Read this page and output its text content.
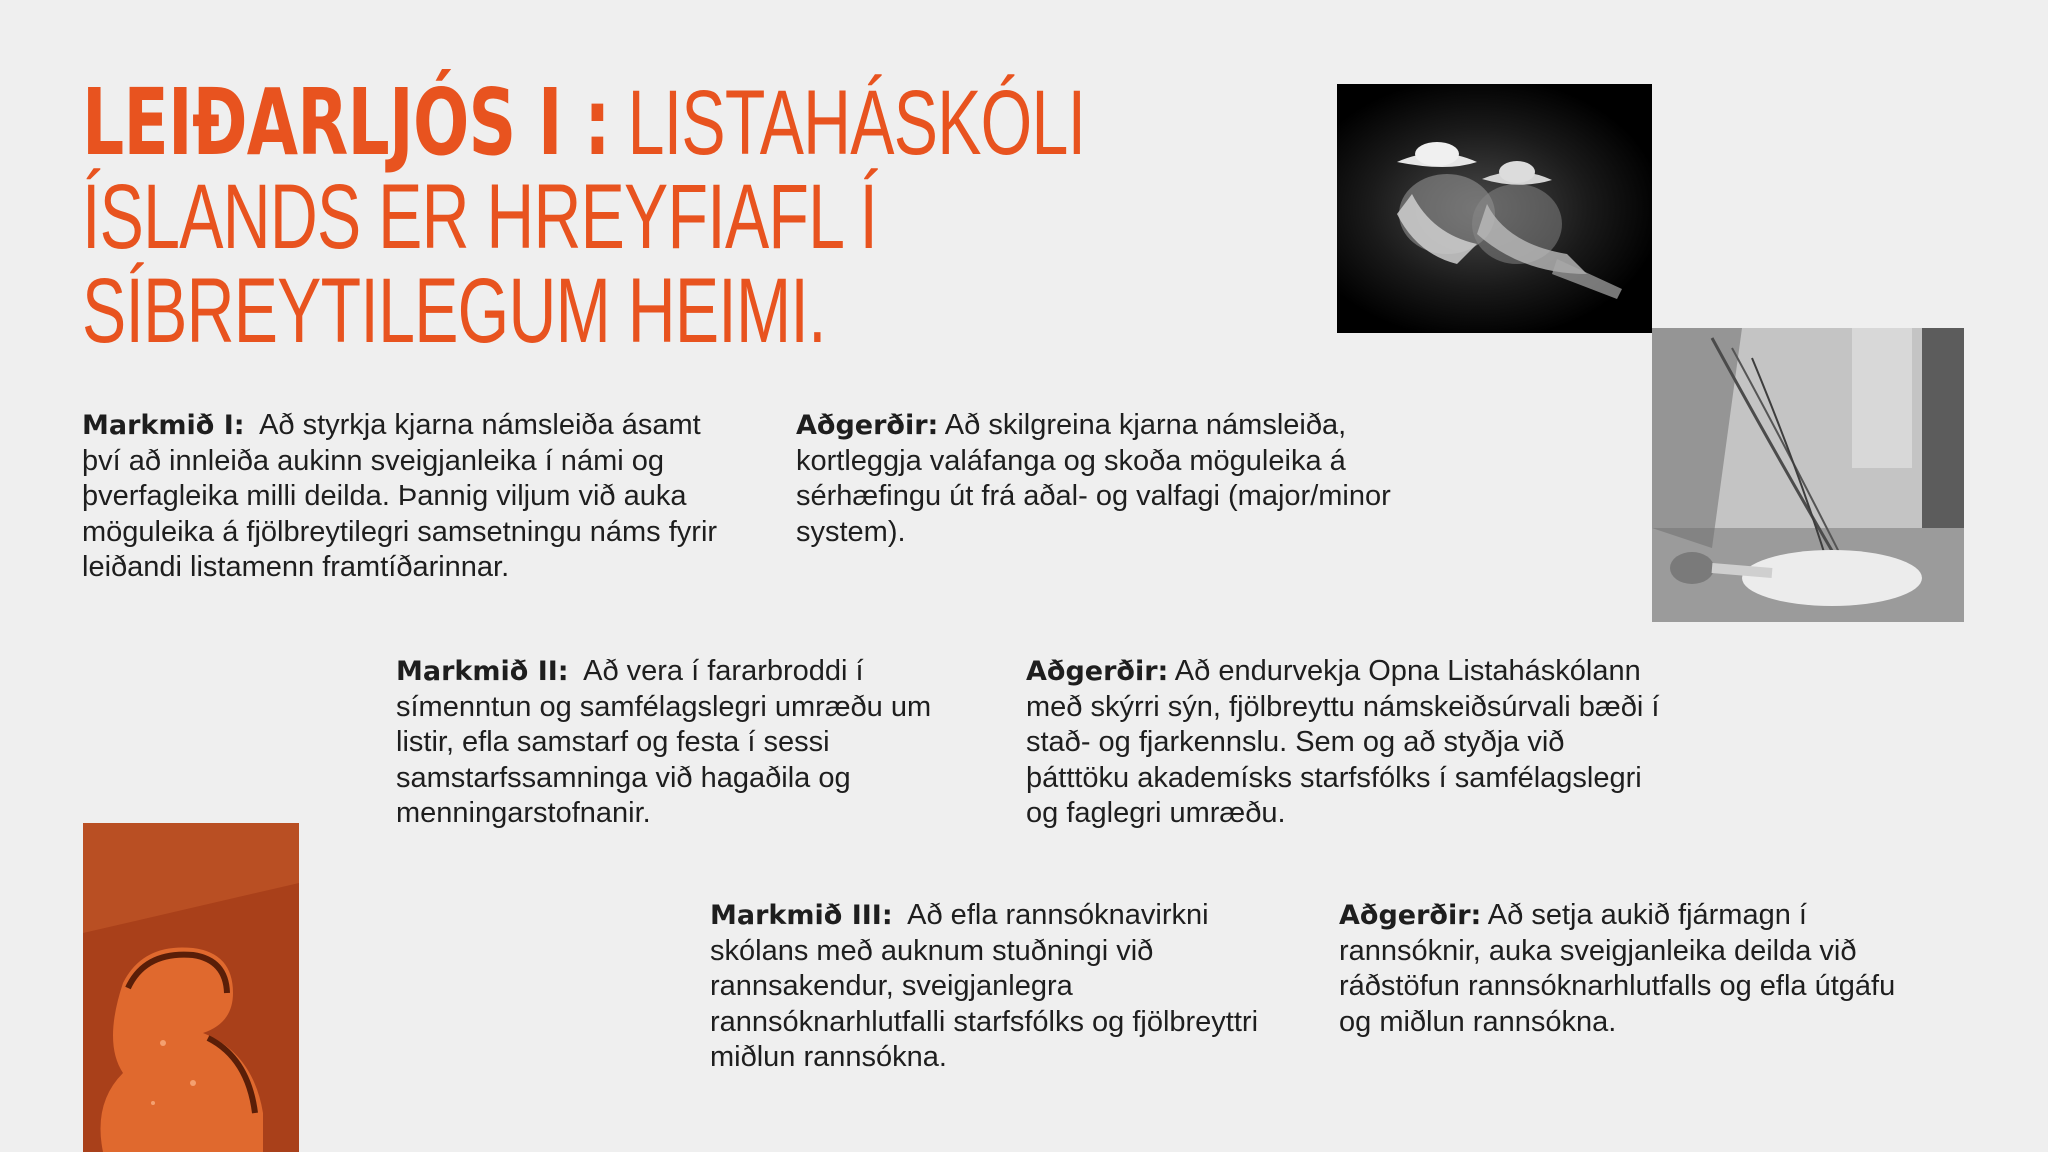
LEIÐARLJÓS I : LISTAHÁSKÓLI
ÍSLANDS ER HREYFIAFL Í
SÍBREYTILEGUM HEIMI.
Markmið I: Að styrkja kjarna námsleiða ásamt því að innleiða aukinn sveigjanleika í námi og þverfagleika milli deilda. Þannig viljum við auka möguleika á fjölbreytilegri samsetningu náms fyrir leiðandi listamenn framtíðarinnar.
Aðgerðir: Að skilgreina kjarna námsleiða, kortleggja valáfanga og skoða möguleika á sérhæfingu út frá aðal- og valfagi (major/minor system).
Markmið II: Að vera í fararbroddi í símenntun og samfélagslegri umræðu um listir, efla samstarf og festa í sessi samstarfssamninga við hagaðila og menningarstofnanir.
Aðgerðir: Að endurvekja Opna Listaháskólann með skýrri sýn, fjölbreyttu námskeiðsúrvali bæði í stað- og fjarkennslu. Sem og að styðja við þátttöku akademísks starfsfólks í samfélagslegri og faglegri umræðu.
Markmið III: Að efla rannsóknavirkni skólans með auknum stuðningi við rannsakendur, sveigjanlegra rannsóknarhlutfalli starfsfólks og fjölbreyttri miðlun rannsókna.
Aðgerðir: Að setja aukið fjármagn í rannsóknir, auka sveigjanleika deilda við ráðstöfun rannsóknarhlutfalls og efla útgáfu og miðlun rannsókna.
